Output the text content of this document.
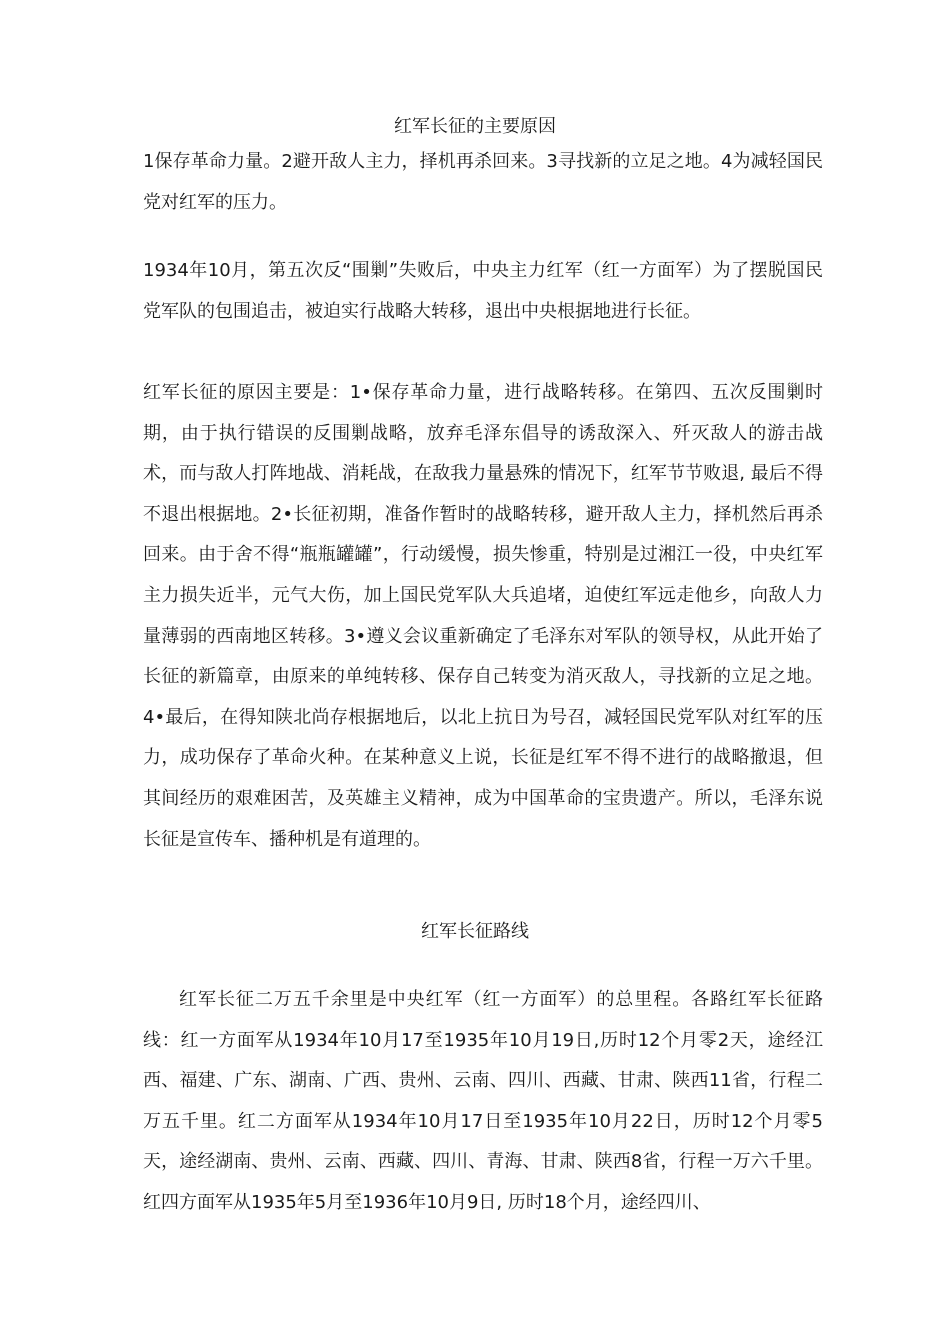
红军长征的主要原因

1保存革命力量。2避开敌人主力，择机再杀回来。3寻找新的立足之地。4为减轻国民党对红军的压力。

1934年10月，第五次反“围剿”失败后，中央主力红军（红一方面军）为了摆脱国民党军队的包围追击，被迫实行战略大转移，退出中央根据地进行长征。

红军长征的原因主要是：1•保存革命力量，进行战略转移。在第四、五次反围剿时期，由于执行错误的反围剿战略，放弃毛泽东倡导的诱敌深入、歼灭敌人的游击战术，而与敌人打阵地战、消耗战，在敌我力量悬殊的情况下，红军节节败退, 最后不得不退出根据地。2•长征初期，准备作暂时的战略转移，避开敌人主力，择机然后再杀回来。由于舍不得“瓶瓶罐罐”，行动缓慢，损失惨重，特别是过湘江一役，中央红军主力损失近半，元气大伤，加上国民党军队大兵追堵，迫使红军远走他乡，向敌人力量薄弱的西南地区转移。3•遵义会议重新确定了毛泽东对军队的领导权，从此开始了长征的新篇章，由原来的单纯转移、保存自己转变为消灭敌人，寻找新的立足之地。4•最后，在得知陕北尚存根据地后，以北上抗日为号召，减轻国民党军队对红军的压力，成功保存了革命火种。在某种意义上说，长征是红军不得不进行的战略撤退，但其间经历的艰难困苦，及英雄主义精神，成为中国革命的宝贵遗产。所以，毛泽东说长征是宣传车、播种机是有道理的。

红军长征路线

红军长征二万五千余里是中央红军（红一方面军）的总里程。各路红军长征路线：红一方面军从1934年10月17至1935年10月19日,历时12个月零2天，途经江西、福建、广东、湖南、广西、贵州、云南、四川、西藏、甘肃、陕西11省，行程二万五千里。红二方面军从1934年10月17日至1935年10月22日，历时12个月零5天，途经湖南、贵州、云南、西藏、四川、青海、甘肃、陕西8省，行程一万六千里。红四方面军从1935年5月至1936年10月9日, 历时18个月，途经四川、
